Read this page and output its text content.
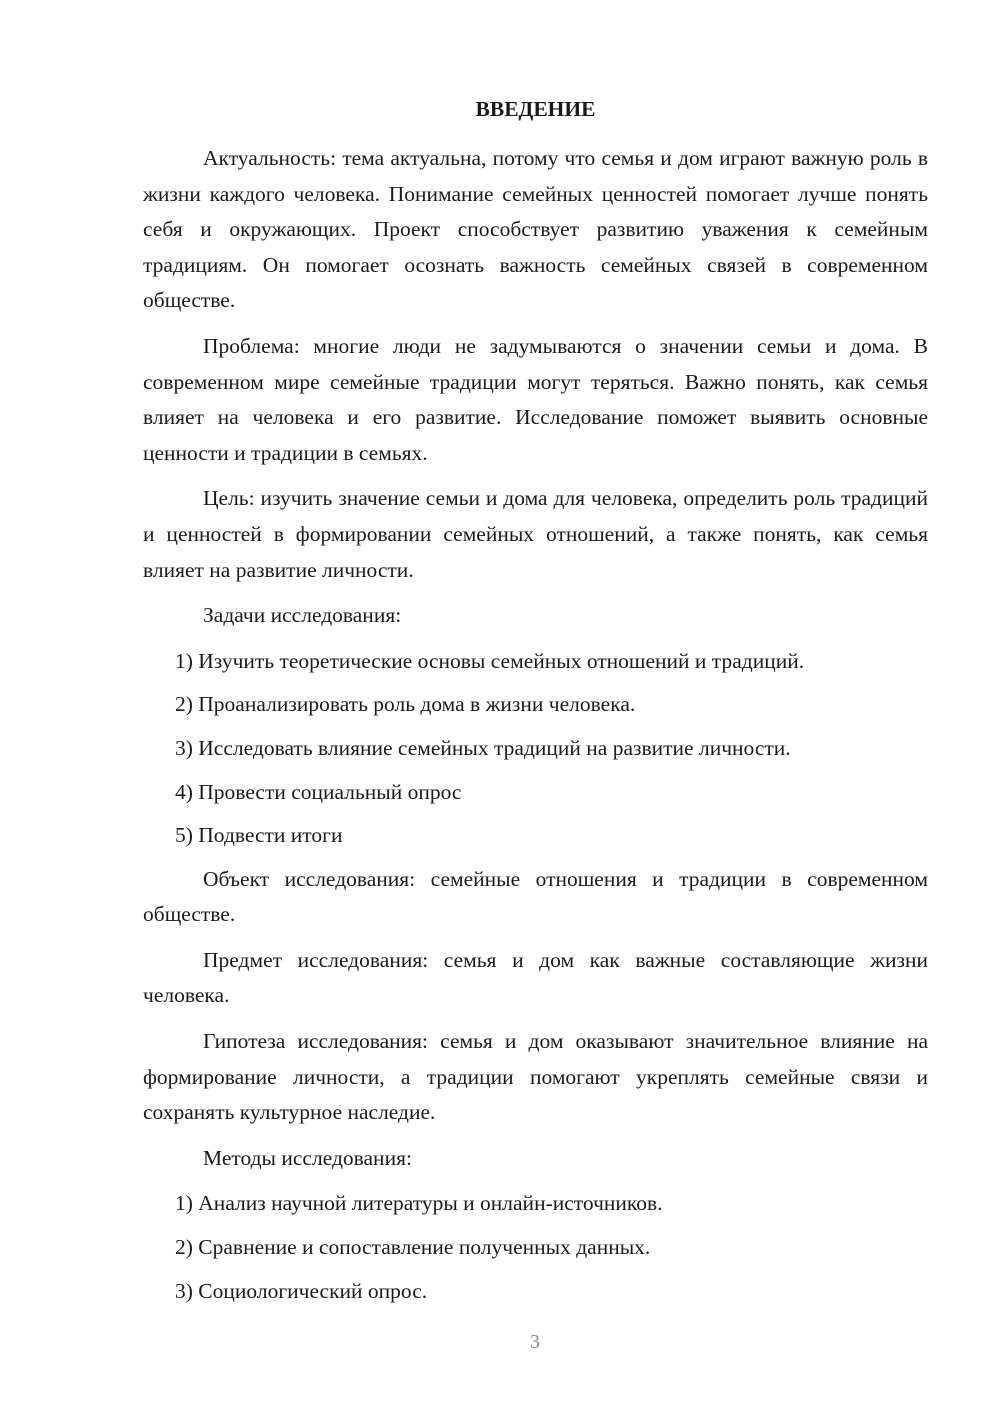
ВВЕДЕНИЕ

Актуальность: тема актуальна, потому что семья и дом играют важную роль в жизни каждого человека. Понимание семейных ценностей помогает лучше понять себя и окружающих. Проект способствует развитию уважения к семейным традициям. Он помогает осознать важность семейных связей в современном обществе.

Проблема: многие люди не задумываются о значении семьи и дома. В современном мире семейные традиции могут теряться. Важно понять, как семья влияет на человека и его развитие. Исследование поможет выявить основные ценности и традиции в семьях.

Цель: изучить значение семьи и дома для человека, определить роль традиций и ценностей в формировании семейных отношений, а также понять, как семья влияет на развитие личности.

Задачи исследования:

1) Изучить теоретические основы семейных отношений и традиций.

2) Проанализировать роль дома в жизни человека.

3) Исследовать влияние семейных традиций на развитие личности.

4) Провести социальный опрос

5) Подвести итоги

Объект исследования: семейные отношения и традиции в современном обществе.

Предмет исследования: семья и дом как важные составляющие жизни человека.

Гипотеза исследования: семья и дом оказывают значительное влияние на формирование личности, а традиции помогают укреплять семейные связи и сохранять культурное наследие.

Методы исследования:

1) Анализ научной литературы и онлайн-источников.

2) Сравнение и сопоставление полученных данных.

3) Социологический опрос.

3
